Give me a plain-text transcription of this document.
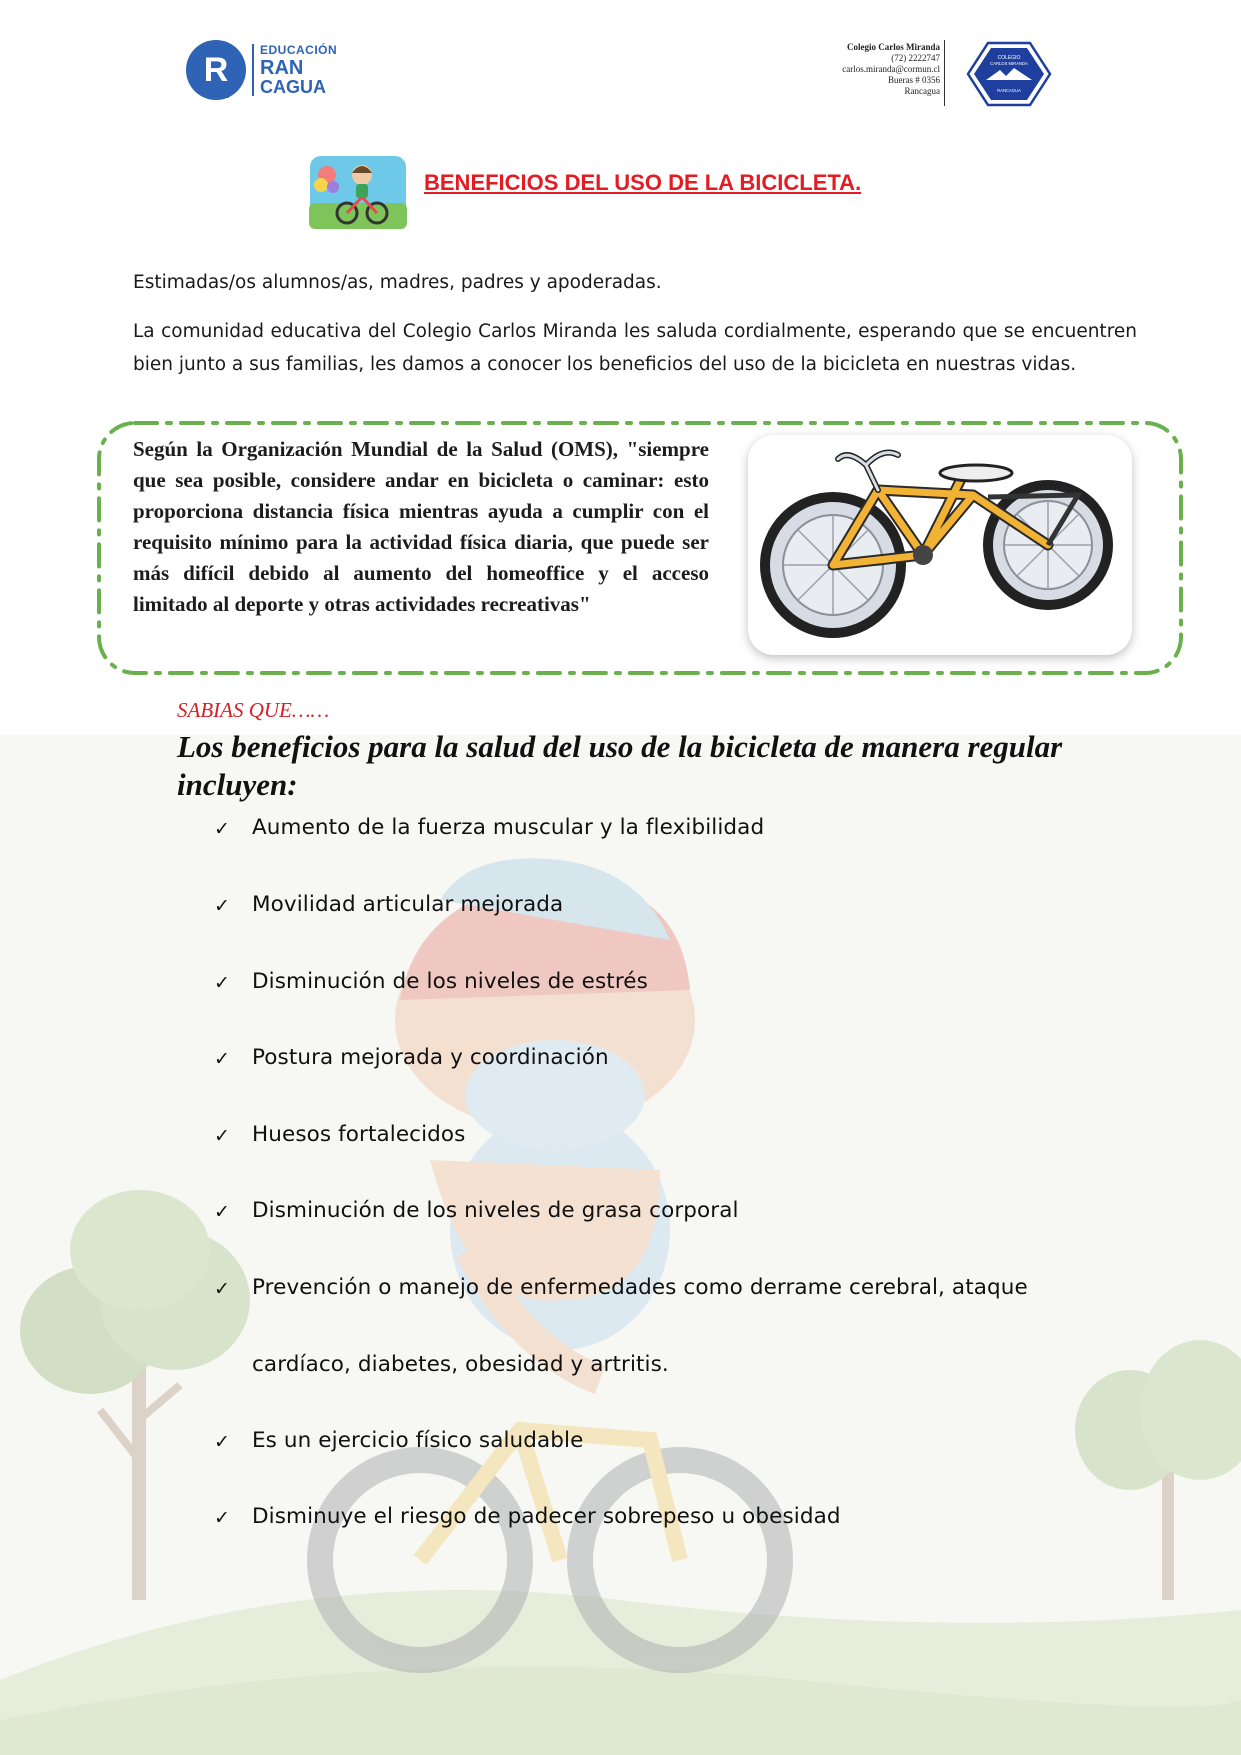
R
EDUCACIÓN
RAN
CAGUA
SE VIVE
Colegio Carlos Miranda
(72) 2222747
carlos.miranda@cormun.cl
Bueras # 0356
Rancagua
COLEGIO
CARLOS MIRANDA
RANCAGUA
BENEFICIOS DEL USO DE LA BICICLETA.
Estimadas/os alumnos/as, madres, padres y apoderadas.
La comunidad educativa del Colegio Carlos Miranda les saluda cordialmente, esperando que se encuentren bien junto a sus familias, les damos a conocer los beneficios del uso de la bicicleta en nuestras vidas.
Según la Organización Mundial de la Salud (OMS), "siempre que sea posible, considere andar en bicicleta o caminar: esto proporciona distancia física mientras ayuda a cumplir con el requisito mínimo para la actividad física diaria, que puede ser más difícil debido al aumento del homeoffice y el acceso limitado al deporte y otras actividades recreativas"
SABIAS QUE……
Los beneficios para la salud del uso de la bicicleta de manera regular incluyen:
✓ Aumento de la fuerza muscular y la flexibilidad
✓ Movilidad articular mejorada
✓ Disminución de los niveles de estrés
✓ Postura mejorada y coordinación
✓ Huesos fortalecidos
✓ Disminución de los niveles de grasa corporal
✓ Prevención o manejo de enfermedades como derrame cerebral, ataque
cardíaco, diabetes, obesidad y artritis.
✓ Es un ejercicio físico saludable
✓ Disminuye el riesgo de padecer sobrepeso u obesidad
